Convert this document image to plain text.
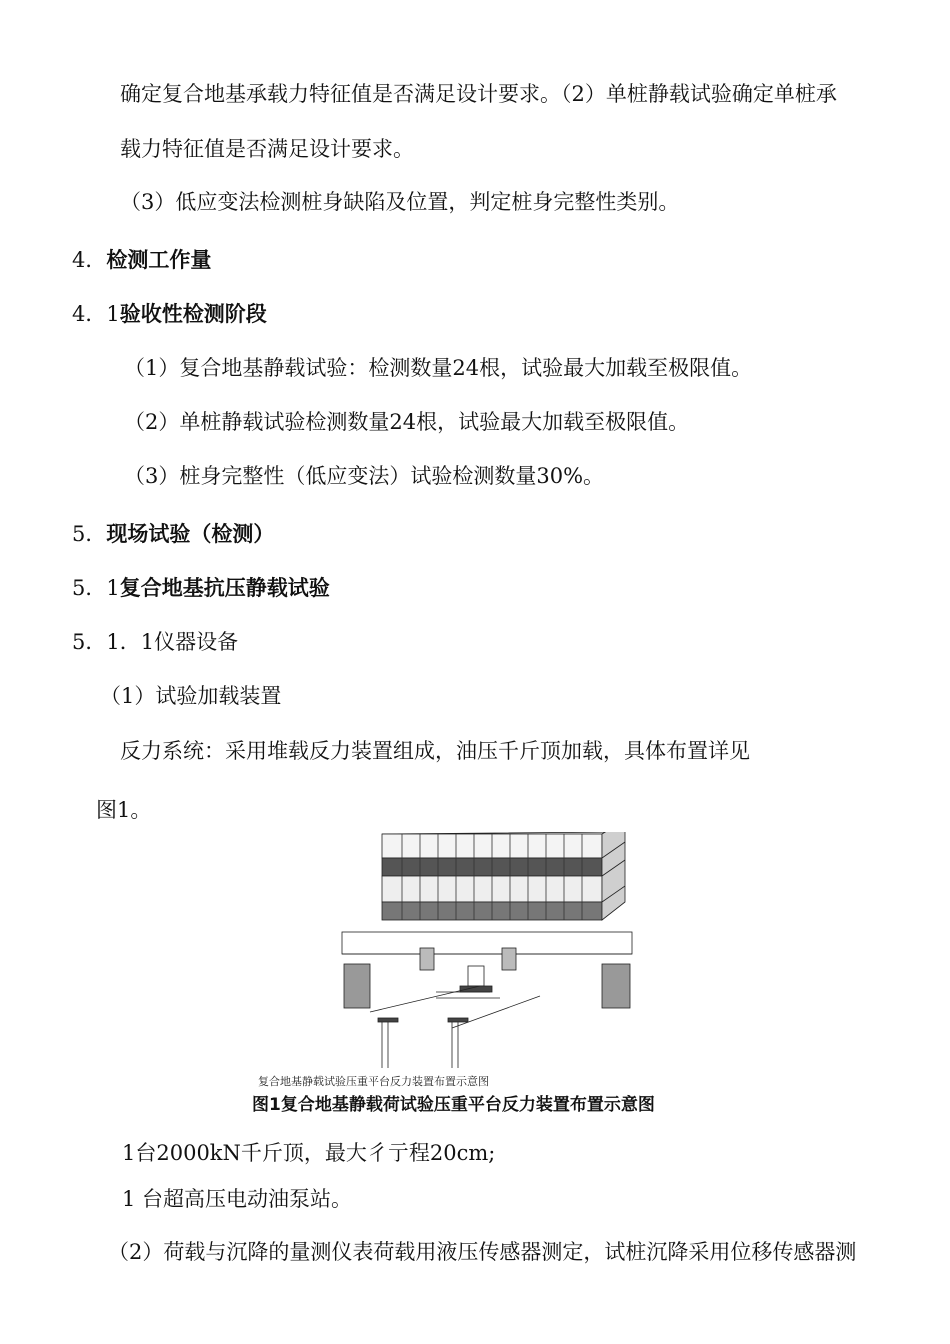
确定复合地基承载力特征值是否满足设计要求。（2）单桩静载试验确定单桩承
载力特征值是否满足设计要求。
（3）低应变法检测桩身缺陷及位置，判定桩身完整性类别。
4．检测工作量
4．1验收性检测阶段
（1）复合地基静载试验：检测数量24根，试验最大加载至极限值。
（2）单桩静载试验检测数量24根，试验最大加载至极限值。
（3）桩身完整性（低应变法）试验检测数量30%。
5．现场试验（检测）
5．1复合地基抗压静载试验
5．1．1仪器设备
（1）试验加载装置
反力系统：采用堆载反力装置组成，油压千斤顶加载，具体布置详见
图1。
复合地基静载试验压重平台反力装置布置示意图
图1复合地基静载荷试验压重平台反力装置布置示意图
1台2000kN千斤顶，最大彳亍程20cm;
1 台超高压电动油泵站。
（2）荷载与沉降的量测仪表荷载用液压传感器测定，试桩沉降采用位移传感器测
